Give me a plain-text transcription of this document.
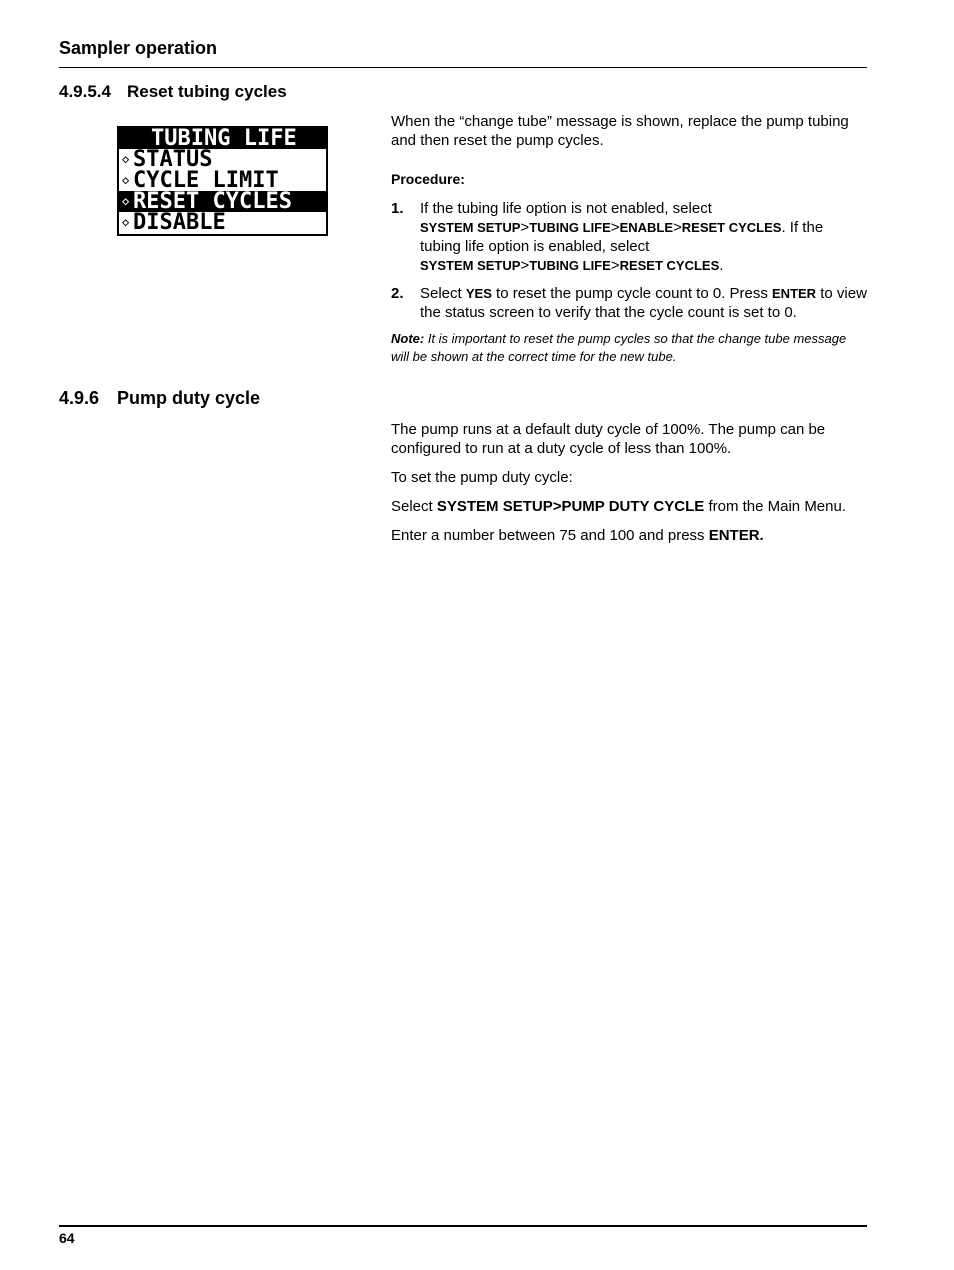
Sampler operation
4.9.5.4 Reset tubing cycles
TUBING LIFE
⋄ STATUS
⋄ CYCLE LIMIT
⋄ RESET CYCLES
⋄ DISABLE

When the “change tube” message is shown, replace the pump tubing and then reset the pump cycles.

Procedure:

1. If the tubing life option is not enabled, select
SYSTEM SETUP>TUBING LIFE>ENABLE>RESET CYCLES. If the tubing life option is enabled, select
SYSTEM SETUP>TUBING LIFE>RESET CYCLES.
2. Select YES to reset the pump cycle count to 0. Press ENTER to view the status screen to verify that the cycle count is set to 0.

Note: It is important to reset the pump cycles so that the change tube message will be shown at the correct time for the new tube.

4.9.6 Pump duty cycle

The pump runs at a default duty cycle of 100%. The pump can be configured to run at a duty cycle of less than 100%.

To set the pump duty cycle:

Select SYSTEM SETUP>PUMP DUTY CYCLE from the Main Menu.

Enter a number between 75 and 100 and press ENTER.

64
